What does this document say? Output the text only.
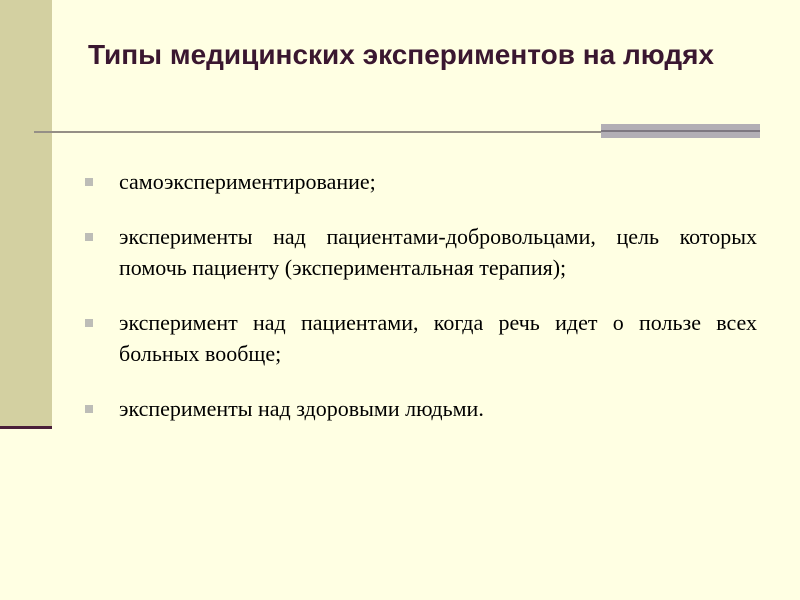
Типы медицинских экспериментов на людях
самоэкспериментирование;
эксперименты над пациентами-добровольцами, цель которых помочь пациенту (экспериментальная терапия);
эксперимент над пациентами, когда речь идет о пользе всех больных вообще;
эксперименты над здоровыми людьми.
